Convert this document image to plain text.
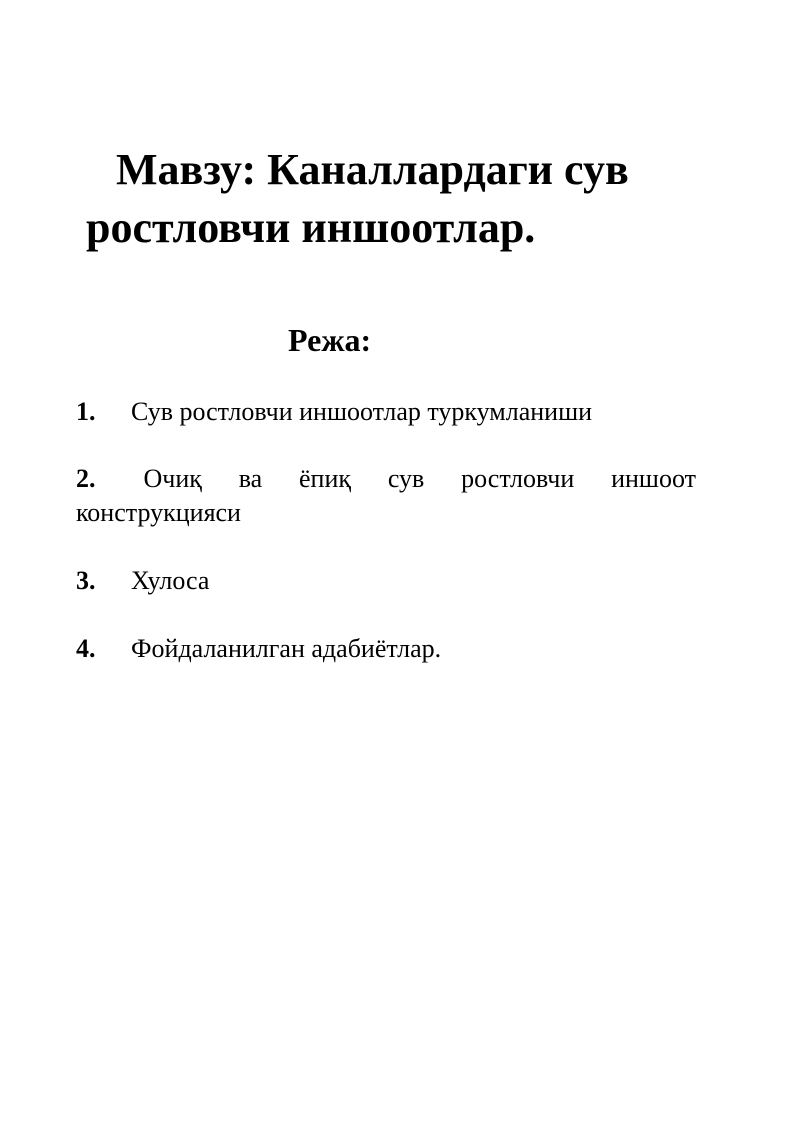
Мавзу: Каналлардаги сув
ростловчи иншоотлар.
Режа:
1. Сув ростловчи иншоотлар туркумланиши
2. Очиқ ва ёпиқ сув ростловчи иншоот
конструкцияси
3. Хулоса
4. Фойдаланилган адабиётлар.
